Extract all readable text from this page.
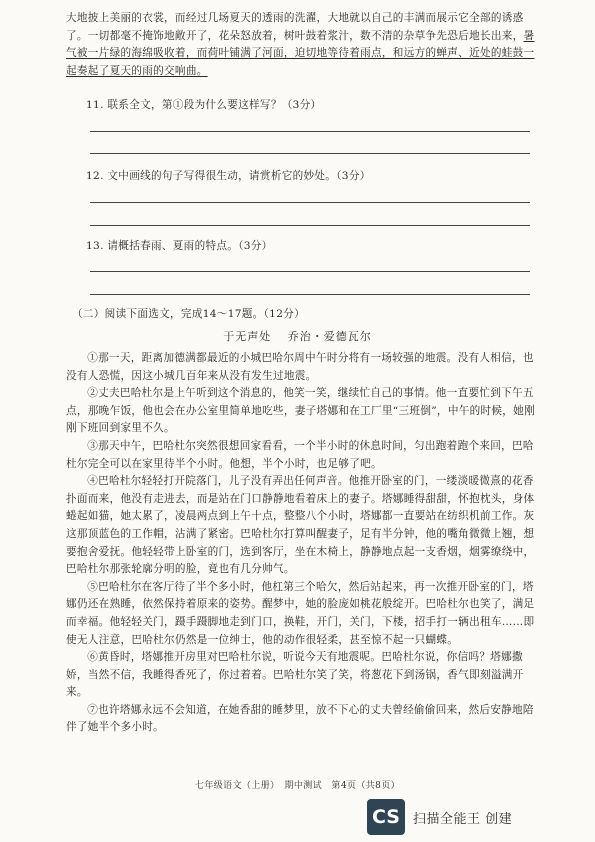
大地披上美丽的衣裳，而经过几场夏天的透雨的洗濯，大地就以自己的丰满而展示它全部的诱惑了。一切都毫不掩饰地敞开了，花朵怒放着，树叶鼓着浆汁，数不清的杂草争先恐后地长出来，暑气被一片绿的海绵吸收着，而荷叶铺满了河面，迫切地等待着雨点，和远方的蝉声、近处的蛙鼓一起奏起了夏天的雨的交响曲。

11. 联系全文，第①段为什么要这样写？（3分）
12. 文中画线的句子写得很生动，请赏析它的妙处。（3分）
13. 请概括春雨、夏雨的特点。（3分）
（二）阅读下面选文，完成14～17题。（12分）
于无声处 乔治・爱德瓦尔

①那一天，距离加德满都最近的小城巴哈尔周中午时分将有一场较强的地震。没有人相信，也没有人恐慌，因这小城几百年来从没有发生过地震。

②丈夫巴哈杜尔是上午听到这个消息的，他笑一笑，继续忙自己的事情。他一直要忙到下午五点，那晚乍饭，他也会在办公室里简单地吃些，妻子塔娜和在工厂里“三班倒”，中午的时候，她刚刚下班回到家里不久。

③那天中午，巴哈杜尔突然很想回家看看，一个半小时的休息时间，匀出跑着跑个来回，巴哈杜尔完全可以在家里待半个小时。他想，半个小时，也足够了吧。

④巴哈杜尔轻轻打开院落门，儿子没有弄出任何声音。他推开卧室的门，一缕淡暖微熹的花香扑面而来，他没有走进去，而是站在门口静静地看着床上的妻子。塔娜睡得甜甜，怀抱枕头，身体蜷起如猫，她太累了，凌晨两点到上午十点，整整八个小时，塔娜都一直要站在纺织机前工作。灰这那顶蓝色的工作帽，沾满了紧密。巴哈杜尔打算叫醒妻子，足有半分钟，他的嘴角微微上翘，想要抱舍爱抚。他轻轻带上卧室的门，选到客厅，坐在木椅上，静静地点起一支香烟，烟雾缭绕中，巴哈杜尔那张轮廓分明的脸，竟也有几分帅气。

⑤巴哈杜尔在客厅待了半个多小时，他杠第三个哈欠，然后站起来，再一次推开卧室的门，塔娜仍还在熟睡，依然保持着原来的姿势。醒梦中，她的脸庞如桃花般绽开。巴哈杜尔也笑了，满足而幸福。他轻轻关门，蹑手蹑脚地走到门口，换鞋，开门，关门，下楼，招手打一辆出租车……即使无人注意，巴哈杜尔仍然是一位绅士，他的动作很轻柔，甚至惊不起一只蝴蝶。

⑥黄昏时，塔娜推开房里对巴哈杜尔说，听说今天有地震呢。巴哈杜尔说，你信吗？塔娜撒娇，当然不信，我睡得香死了，你过着着。巴哈杜尔笑了笑，将葱花下到汤锅，香气即刻溢满开来。

⑦也许塔娜永远不会知道，在她香甜的睡梦里，放不下心的丈夫曾经偷偷回来，然后安静地陪伴了她半个多小时。

七年级语文（上册）　期中测试　第4页（共8页）
CS	扫描全能王 创建
